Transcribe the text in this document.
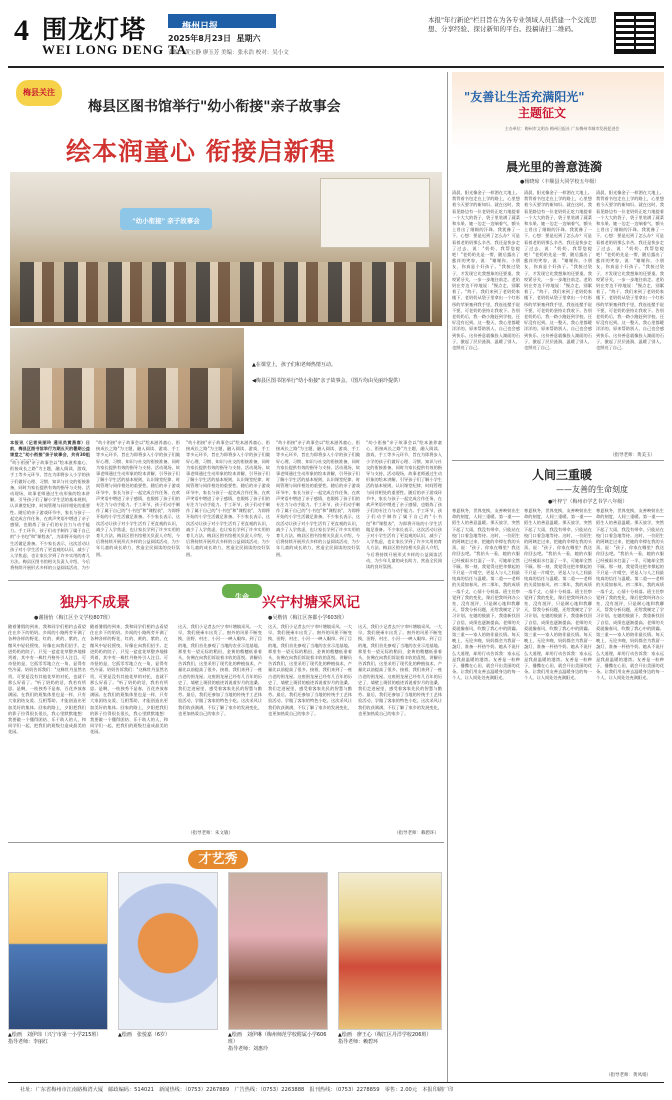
4 围龙灯塔
WEI LONG DENG TA
梅州日报
2025年8月23日 星期六
责编：黄宝静 廖玉芳 美编：张永浩 校对：吴小文
本报"年行新论"栏目旨在为各专业领域人员搭建一个交流思想、分享经验、探讨新知的平台。投稿请扫二维码。
梅县关注
梅县区图书馆举行"幼小衔接"亲子故事会
绘本润童心 衔接启新程
"幼小衔接" 亲子故事会
▲在课堂上，孩子们和老师热情互动。
◀梅县区图书馆举行"幼小衔接"亲子故事会。（图片均由吴丽玲提供）
本报讯（记者吴丽玲 通讯员黄燕春）日前，梅县区图书馆举行为期五天的暑期公益课堂之"幼小衔接"亲子故事会，共有30组
"幼小衔接"亲子故事会以"绘本滋养童心、衔接成长之路"为主题，融入阅读、游戏、手工等多元环节，旨在为即将步入小学的孩子们做好心理、习惯、知识与社交的衔接准备，同时为家长提供有效的指导与支持。活动现场，故事老师通过生动形象的绘本讲解，引导孩子们了解小学生活的基本规则，认识课堂纪律、时间管理与同伴相处的重要性。随后的亲子游戏环节中，家长与孩子一起完成合作任务，在欢声笑语中增进了亲子感情，也锻炼了孩子们的专注力与动手能力。手工环节，孩子们动手制作了属于自己的"小书包"和"课程表"，为即将开始的小学生活做足准备。不少家长表示，这次活动让孩子对小学生活有了更直观的认识，减少了入学焦虑，也让家长学到了许多实用的育儿方法。梅县区图书馆相关负责人介绍，今后将持续开展形式多样的公益阅读活动，为少
"幼小衔接"亲子故事会以"绘本滋养童心、衔接成长之路"为主题，融入阅读、游戏、手工等多元环节，旨在为即将步入小学的孩子们做好心理、习惯、知识与社交的衔接准备，同时为家长提供有效的指导与支持。活动现场，故事老师通过生动形象的绘本讲解，引导孩子们了解小学生活的基本规则，认识课堂纪律、时间管理与同伴相处的重要性。随后的亲子游戏环节中，家长与孩子一起完成合作任务，在欢声笑语中增进了亲子感情，也锻炼了孩子们的专注力与动手能力。手工环节，孩子们动手制作了属于自己的"小书包"和"课程表"，为即将开始的小学生活做足准备。不少家长表示，这次活动让孩子对小学生活有了更直观的认识，减少了入学焦虑，也让家长学到了许多实用的育儿方法。梅县区图书馆相关负责人介绍，今后将持续开展形式多样的公益阅读活动，为少年儿童的成长助力，营造全民阅读的良好氛围。
"幼小衔接"亲子故事会以"绘本滋养童心、衔接成长之路"为主题，融入阅读、游戏、手工等多元环节，旨在为即将步入小学的孩子们做好心理、习惯、知识与社交的衔接准备，同时为家长提供有效的指导与支持。活动现场，故事老师通过生动形象的绘本讲解，引导孩子们了解小学生活的基本规则，认识课堂纪律、时间管理与同伴相处的重要性。随后的亲子游戏环节中，家长与孩子一起完成合作任务，在欢声笑语中增进了亲子感情，也锻炼了孩子们的专注力与动手能力。手工环节，孩子们动手制作了属于自己的"小书包"和"课程表"，为即将开始的小学生活做足准备。不少家长表示，这次活动让孩子对小学生活有了更直观的认识，减少了入学焦虑，也让家长学到了许多实用的育儿方法。梅县区图书馆相关负责人介绍，今后将持续开展形式多样的公益阅读活动，为少年儿童的成长助力，营造全民阅读的良好氛围。
"幼小衔接"亲子故事会以"绘本滋养童心、衔接成长之路"为主题，融入阅读、游戏、手工等多元环节，旨在为即将步入小学的孩子们做好心理、习惯、知识与社交的衔接准备，同时为家长提供有效的指导与支持。活动现场，故事老师通过生动形象的绘本讲解，引导孩子们了解小学生活的基本规则，认识课堂纪律、时间管理与同伴相处的重要性。随后的亲子游戏环节中，家长与孩子一起完成合作任务，在欢声笑语中增进了亲子感情，也锻炼了孩子们的专注力与动手能力。手工环节，孩子们动手制作了属于自己的"小书包"和"课程表"，为即将开始的小学生活做足准备。不少家长表示，这次活动让孩子对小学生活有了更直观的认识，减少了入学焦虑，也让家长学到了许多实用的育儿方法。梅县区图书馆相关负责人介绍，今后将持续开展形式多样的公益阅读活动，为少年儿童的成长助力，营造全民阅读的良好氛围。
"幼小衔接"亲子故事会以"绘本滋养童心、衔接成长之路"为主题，融入阅读、游戏、手工等多元环节，旨在为即将步入小学的孩子们做好心理、习惯、知识与社交的衔接准备，同时为家长提供有效的指导与支持。活动现场，故事老师通过生动形象的绘本讲解，引导孩子们了解小学生活的基本规则，认识课堂纪律、时间管理与同伴相处的重要性。随后的亲子游戏环节中，家长与孩子一起完成合作任务，在欢声笑语中增进了亲子感情，也锻炼了孩子们的专注力与动手能力。手工环节，孩子们动手制作了属于自己的"小书包"和"课程表"，为即将开始的小学生活做足准备。不少家长表示，这次活动让孩子对小学生活有了更直观的认识，减少了入学焦虑，也让家长学到了许多实用的育儿方法。梅县区图书馆相关负责人介绍，今后将持续开展形式多样的公益阅读活动，为少年儿童的成长助力，营造全民阅读的良好氛围。
"友善让生活充满阳光"
主题征文
主办单位：梅州市文明办 梅州日报社 广东梅州市城市发展促进会
晨光里的善意涟漪
●杨晓琼（丰顺县大同学校五年级）
清晨，阳光像金子一样洒在大地上。我背着书包走在上学的路上，心里想着今天要学的新知识。就在这时，我看见路边有一位老奶奶正吃力地提着一个大大的袋子，袋子里装满了蔬菜和水果。她一边走一边喘着气，额头上冒出了细细的汗珠。我犹豫了一下，心想：要是迟到了怎么办？可是看着老奶奶那么辛苦，我还是快步走了过去，说："奶奶，我帮您提吧！"老奶奶先是一愣，随后露出了慈祥的笑容，说："谢谢你，小朋友，你真是个好孩子。"我接过袋子，才发现它比我想象的还要重。我咬紧牙关，一步一步地往前走。老奶奶在旁边不停地说："慢点走，别累着了。"终于，我们来到了老奶奶家楼下，老奶奶从袋子里拿出一个红彤彤的苹果塞到我手里，我连连摆手说不要，可老奶奶坚持让我收下。告别老奶奶后，我一路小跑赶到学校，还好没有迟到。这一整天，我心里都暖洋洋的。原来帮助别人，自己也会感到快乐。这份善意就像投入湖面的石子，激起了层层涟漪，温暖了别人，也照亮了自己。
清晨，阳光像金子一样洒在大地上。我背着书包走在上学的路上，心里想着今天要学的新知识。就在这时，我看见路边有一位老奶奶正吃力地提着一个大大的袋子，袋子里装满了蔬菜和水果。她一边走一边喘着气，额头上冒出了细细的汗珠。我犹豫了一下，心想：要是迟到了怎么办？可是看着老奶奶那么辛苦，我还是快步走了过去，说："奶奶，我帮您提吧！"老奶奶先是一愣，随后露出了慈祥的笑容，说："谢谢你，小朋友，你真是个好孩子。"我接过袋子，才发现它比我想象的还要重。我咬紧牙关，一步一步地往前走。老奶奶在旁边不停地说："慢点走，别累着了。"终于，我们来到了老奶奶家楼下，老奶奶从袋子里拿出一个红彤彤的苹果塞到我手里，我连连摆手说不要，可老奶奶坚持让我收下。告别老奶奶后，我一路小跑赶到学校，还好没有迟到。这一整天，我心里都暖洋洋的。原来帮助别人，自己也会感到快乐。这份善意就像投入湖面的石子，激起了层层涟漪，温暖了别人，也照亮了自己。
清晨，阳光像金子一样洒在大地上。我背着书包走在上学的路上，心里想着今天要学的新知识。就在这时，我看见路边有一位老奶奶正吃力地提着一个大大的袋子，袋子里装满了蔬菜和水果。她一边走一边喘着气，额头上冒出了细细的汗珠。我犹豫了一下，心想：要是迟到了怎么办？可是看着老奶奶那么辛苦，我还是快步走了过去，说："奶奶，我帮您提吧！"老奶奶先是一愣，随后露出了慈祥的笑容，说："谢谢你，小朋友，你真是个好孩子。"我接过袋子，才发现它比我想象的还要重。我咬紧牙关，一步一步地往前走。老奶奶在旁边不停地说："慢点走，别累着了。"终于，我们来到了老奶奶家楼下，老奶奶从袋子里拿出一个红彤彤的苹果塞到我手里，我连连摆手说不要，可老奶奶坚持让我收下。告别老奶奶后，我一路小跑赶到学校，还好没有迟到。这一整天，我心里都暖洋洋的。原来帮助别人，自己也会感到快乐。这份善意就像投入湖面的石子，激起了层层涟漪，温暖了别人，也照亮了自己。
（指导老师：黄美玉）
人间三重暖
——友善的生命刻度
●叶梓宁（梅州市学艺书学八年级）
寒夏秋冬，世界变换，友善映射出生命的刻度，人间三重暖。第一重——陌生人的善意温暖。那天放学，突然下起了大雨，我没有带伞，只能站在校门口着急地等待。这时，一位陌生的阿姨走过来，把她的伞撑在我的头顶，说："孩子，你家在哪里？我送你回去吧。"我抬头一看，她的衣服已经被雨水打湿了一半，可她却全然不顾。那一刻，我觉得这把伞撑起的不只是一片晴空，更是人与人之间最纯真的信任与温暖。第二重——老师的关爱如春风。初二那年，我的成绩一落千丈，心情十分低落。班主任察觉到了我的变化，课后把我叫到办公室，没有批评，只是耐心地和我聊天，帮我分析问题，还给我制定了学习计划。在她的鼓励下，我重新找回了自信，成绩也逐渐提高。老师的关爱就像春风，吹散了我心中的阴霾。第三重——家人的陪伴最长情。每天晚上，无论多晚，妈妈都会为我留一盏灯，准备一杯热牛奶。她从不说什么大道理，却用行动告诉我：家永远是我最温暖的港湾。友善是一粒种子，播撒在心田，就会开出美丽的花朵。让我们用友善去温暖身边的每一个人，让人间处处充满阳光。
寒夏秋冬，世界变换，友善映射出生命的刻度，人间三重暖。第一重——陌生人的善意温暖。那天放学，突然下起了大雨，我没有带伞，只能站在校门口着急地等待。这时，一位陌生的阿姨走过来，把她的伞撑在我的头顶，说："孩子，你家在哪里？我送你回去吧。"我抬头一看，她的衣服已经被雨水打湿了一半，可她却全然不顾。那一刻，我觉得这把伞撑起的不只是一片晴空，更是人与人之间最纯真的信任与温暖。第二重——老师的关爱如春风。初二那年，我的成绩一落千丈，心情十分低落。班主任察觉到了我的变化，课后把我叫到办公室，没有批评，只是耐心地和我聊天，帮我分析问题，还给我制定了学习计划。在她的鼓励下，我重新找回了自信，成绩也逐渐提高。老师的关爱就像春风，吹散了我心中的阴霾。第三重——家人的陪伴最长情。每天晚上，无论多晚，妈妈都会为我留一盏灯，准备一杯热牛奶。她从不说什么大道理，却用行动告诉我：家永远是我最温暖的港湾。友善是一粒种子，播撒在心田，就会开出美丽的花朵。让我们用友善去温暖身边的每一个人，让人间处处充满阳光。
寒夏秋冬，世界变换，友善映射出生命的刻度，人间三重暖。第一重——陌生人的善意温暖。那天放学，突然下起了大雨，我没有带伞，只能站在校门口着急地等待。这时，一位陌生的阿姨走过来，把她的伞撑在我的头顶，说："孩子，你家在哪里？我送你回去吧。"我抬头一看，她的衣服已经被雨水打湿了一半，可她却全然不顾。那一刻，我觉得这把伞撑起的不只是一片晴空，更是人与人之间最纯真的信任与温暖。第二重——老师的关爱如春风。初二那年，我的成绩一落千丈，心情十分低落。班主任察觉到了我的变化，课后把我叫到办公室，没有批评，只是耐心地和我聊天，帮我分析问题，还给我制定了学习计划。在她的鼓励下，我重新找回了自信，成绩也逐渐提高。老师的关爱就像春风，吹散了我心中的阴霾。第三重——家人的陪伴最长情。每天晚上，无论多晚，妈妈都会为我留一盏灯，准备一杯热牛奶。她从不说什么大道理，却用行动告诉我：家永远是我最温暖的港湾。友善是一粒种子，播撒在心田，就会开出美丽的花朵。让我们用友善去温暖身边的每一个人，让人间处处充满阳光。
（指导老师：黄凤娟）
独丹不成景
●谢扬怡（梅江区全文学校807班）
随着暑假的到来，我和同学们相约去看望住在乡下的奶奶。乡间的小路两旁开满了各种各样的野花，红的、黄的、紫的，在微风中轻轻摇曳，好像在向我们招手。走进奶奶的院子，只见一盆盆花草整齐地排列着，其中有一株牡丹格外引人注目。可奇怪的是，它孤零零地立在一角，显得有些冷清。奶奶告诉我们："这株牡丹虽然名贵，可要是没有其他花草的衬托，也就不那么好看了。"听了奶奶的话，我若有所思。是啊，一枝独秀不是春，百花齐放春满园。在我们的班集体里也是一样，只有大家团结友爱、互相帮助，才能创造出更加美好的集体。回家的路上，夕阳把我们的影子拉得很长很长，我心里默默地想：我要做一个懂得团结、乐于助人的人，和同学们一起，把我们的班级打造成最美的花园。
随着暑假的到来，我和同学们相约去看望住在乡下的奶奶。乡间的小路两旁开满了各种各样的野花，红的、黄的、紫的，在微风中轻轻摇曳，好像在向我们招手。走进奶奶的院子，只见一盆盆花草整齐地排列着，其中有一株牡丹格外引人注目。可奇怪的是，它孤零零地立在一角，显得有些冷清。奶奶告诉我们："这株牡丹虽然名贵，可要是没有其他花草的衬托，也就不那么好看了。"听了奶奶的话，我若有所思。是啊，一枝独秀不是春，百花齐放春满园。在我们的班集体里也是一样，只有大家团结友爱、互相帮助，才能创造出更加美好的集体。回家的路上，夕阳把我们的影子拉得很长很长，我心里默默地想：我要做一个懂得团结、乐于助人的人，和同学们一起，把我们的班级打造成最美的花园。
（指导老师：朱文敏）
生命 兴宁村塘采风记
●吴楷钧（梅江区客都小学603班）
这天，我们小记者去兴宁市叶塘镇采风。一大早，我们便乘车出发了。窗外的风景不断变换，田野、村庄、小河一一映入眼帘。到了目的地，我们首先参观了当地的农业示范基地。那里有一望无际的稻田，金黄的稻穗低垂着头，仿佛在向我们诉说着丰收的喜悦。讲解员告诉我们，这里采用了现代化的种植技术，产量比以前提高了很多。接着，我们来到了一座古老的围龙屋。这座围龙屋已经有几百年的历史了，墙壁上斑驳的痕迹诉说着岁月的沧桑。我们走进屋里，感受着客家先民的智慧与勤劳。最后，我们还参加了当地的传统手工艺体验活动，学做了客家的特色小吃。这次采风让我们收获满满，不仅了解了家乡的发展变化，也更加热爱自己的家乡了。
这天，我们小记者去兴宁市叶塘镇采风。一大早，我们便乘车出发了。窗外的风景不断变换，田野、村庄、小河一一映入眼帘。到了目的地，我们首先参观了当地的农业示范基地。那里有一望无际的稻田，金黄的稻穗低垂着头，仿佛在向我们诉说着丰收的喜悦。讲解员告诉我们，这里采用了现代化的种植技术，产量比以前提高了很多。接着，我们来到了一座古老的围龙屋。这座围龙屋已经有几百年的历史了，墙壁上斑驳的痕迹诉说着岁月的沧桑。我们走进屋里，感受着客家先民的智慧与勤劳。最后，我们还参加了当地的传统手工艺体验活动，学做了客家的特色小吃。这次采风让我们收获满满，不仅了解了家乡的发展变化，也更加热爱自己的家乡了。
这天，我们小记者去兴宁市叶塘镇采风。一大早，我们便乘车出发了。窗外的风景不断变换，田野、村庄、小河一一映入眼帘。到了目的地，我们首先参观了当地的农业示范基地。那里有一望无际的稻田，金黄的稻穗低垂着头，仿佛在向我们诉说着丰收的喜悦。讲解员告诉我们，这里采用了现代化的种植技术，产量比以前提高了很多。接着，我们来到了一座古老的围龙屋。这座围龙屋已经有几百年的历史了，墙壁上斑驳的痕迹诉说着岁月的沧桑。我们走进屋里，感受着客家先民的智慧与勤劳。最后，我们还参加了当地的传统手工艺体验活动，学做了客家的特色小吃。这次采风让我们收获满满，不仅了解了家乡的发展变化，也更加热爱自己的家乡了。
（指导老师：赖碧环）
才艺秀
▲绘画　刘伊玮（兴宁市第一小学215班）
指导老师：李丽红
▲绘画　张悦嘉（6岁）	▲绘画　刘伊琳（梅州师范学校附属小学606班）
指导老师：刘惠玲
▲绘画　廖王心（梅江区丹洋学校206班）
指导老师：赖碧环
社址：广东省梅州市江南路梅湾大厦　邮政编码：514021　新闻热线：（0753）2267889　广告热线：（0753）2263888　报刊热线：（0753）2278859　零售：2.00元　本报印刷厂印
